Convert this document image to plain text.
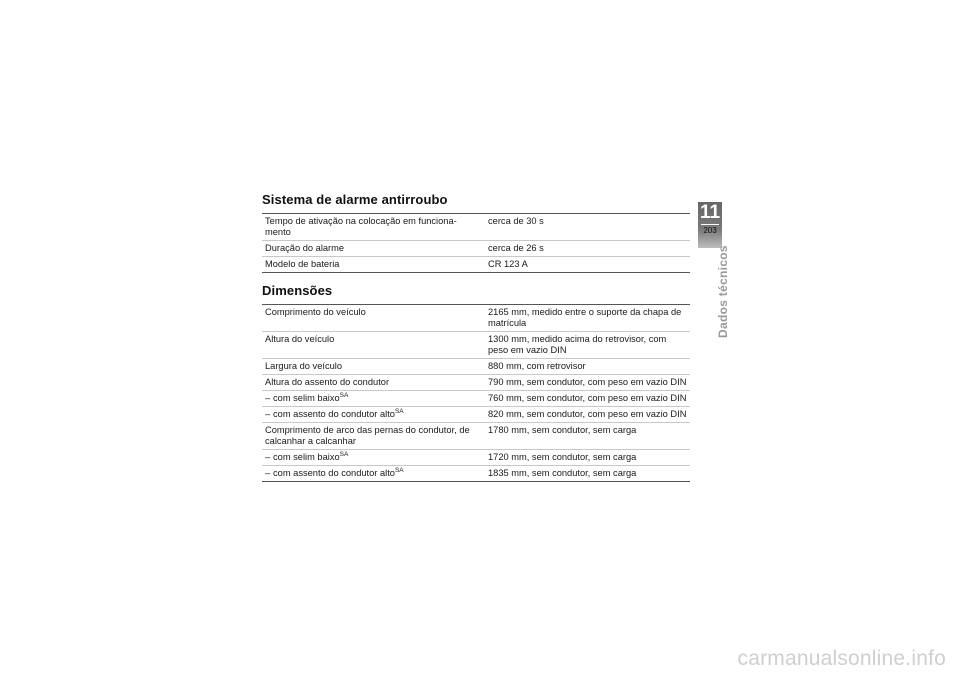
Sistema de alarme antirroubo
Tempo de ativação na colocação em funciona-
mento	cerca de 30 s
Duração do alarme	cerca de 26 s
Modelo de bateria	CR 123 A
Dimensões
Comprimento do veículo	2165 mm, medido entre o suporte da chapa de matrícula
Altura do veículo	1300 mm, medido acima do retrovisor, com peso em vazio DIN
Largura do veículo	880 mm, com retrovisor
Altura do assento do condutor	790 mm, sem condutor, com peso em vazio DIN
– com selim baixo$^{SA}$	760 mm, sem condutor, com peso em vazio DIN
– com assento do condutor alto$^{SA}$	820 mm, sem condutor, com peso em vazio DIN
Comprimento de arco das pernas do condutor, de calcanhar a calcanhar	1780 mm, sem condutor, sem carga
– com selim baixo$^{SA}$	1720 mm, sem condutor, sem carga
– com assento do condutor alto$^{SA}$	1835 mm, sem condutor, sem carga
11
203
Dados técnicos
carmanualsonline.info
